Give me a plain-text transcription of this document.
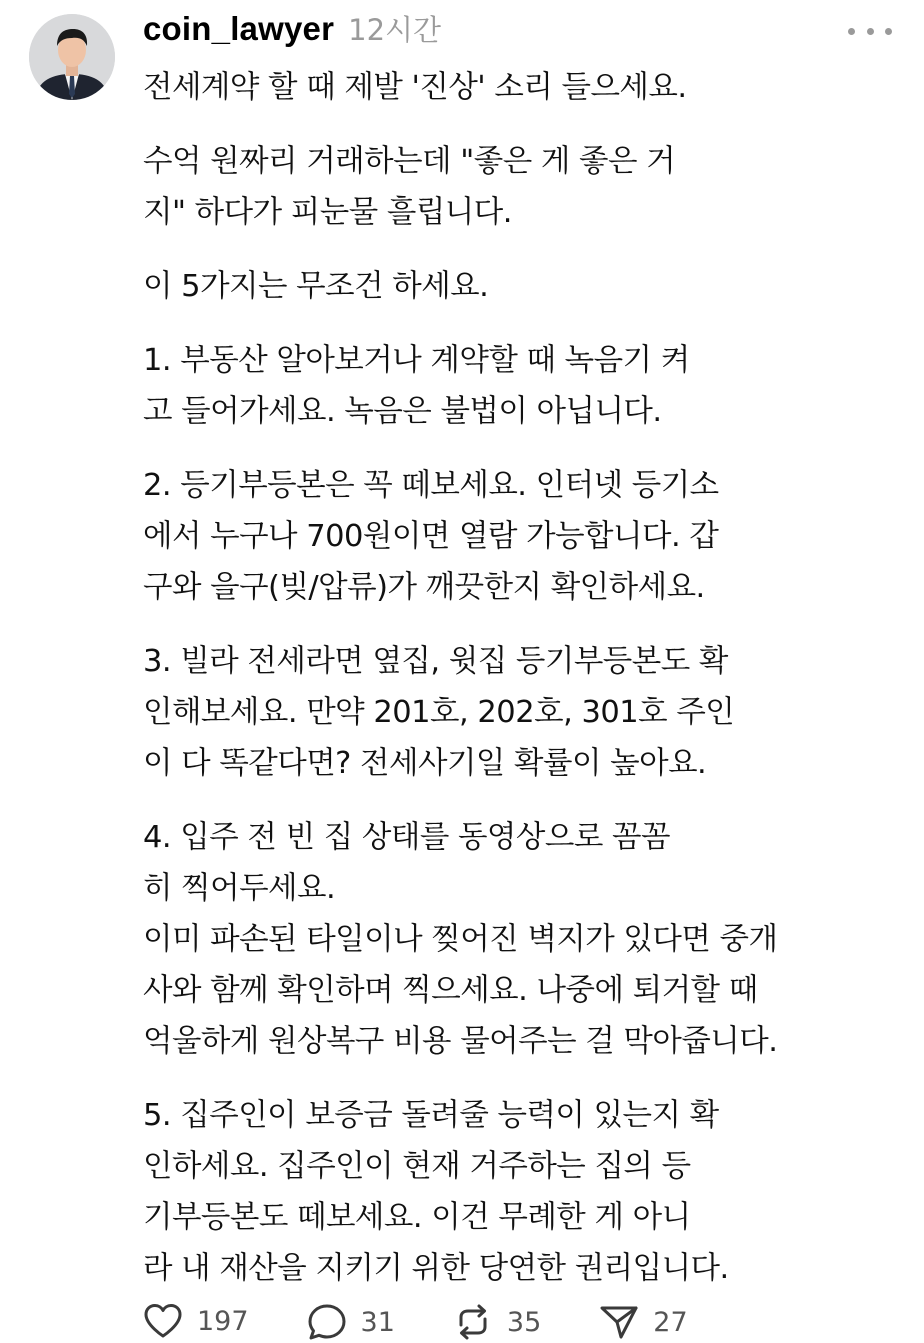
coin_lawyer 12시간

전세계약 할 때 제발 '진상' 소리 들으세요.

수억 원짜리 거래하는데 "좋은 게 좋은 거
지" 하다가 피눈물 흘립니다.

이 5가지는 무조건 하세요.

1. 부동산 알아보거나 계약할 때 녹음기 켜
고 들어가세요. 녹음은 불법이 아닙니다.

2. 등기부등본은 꼭 떼보세요. 인터넷 등기소
에서 누구나 700원이면 열람 가능합니다. 갑
구와 을구(빚/압류)가 깨끗한지 확인하세요.

3. 빌라 전세라면 옆집, 윗집 등기부등본도 확
인해보세요. 만약 201호, 202호, 301호 주인
이 다 똑같다면? 전세사기일 확률이 높아요.

4. 입주 전 빈 집 상태를 동영상으로 꼼꼼
히 찍어두세요.
이미 파손된 타일이나 찢어진 벽지가 있다면 중개
사와 함께 확인하며 찍으세요. 나중에 퇴거할 때
억울하게 원상복구 비용 물어주는 걸 막아줍니다.

5. 집주인이 보증금 돌려줄 능력이 있는지 확
인하세요. 집주인이 현재 거주하는 집의 등
기부등본도 떼보세요. 이건 무례한 게 아니
라 내 재산을 지키기 위한 당연한 권리입니다.

197	31	35	27
